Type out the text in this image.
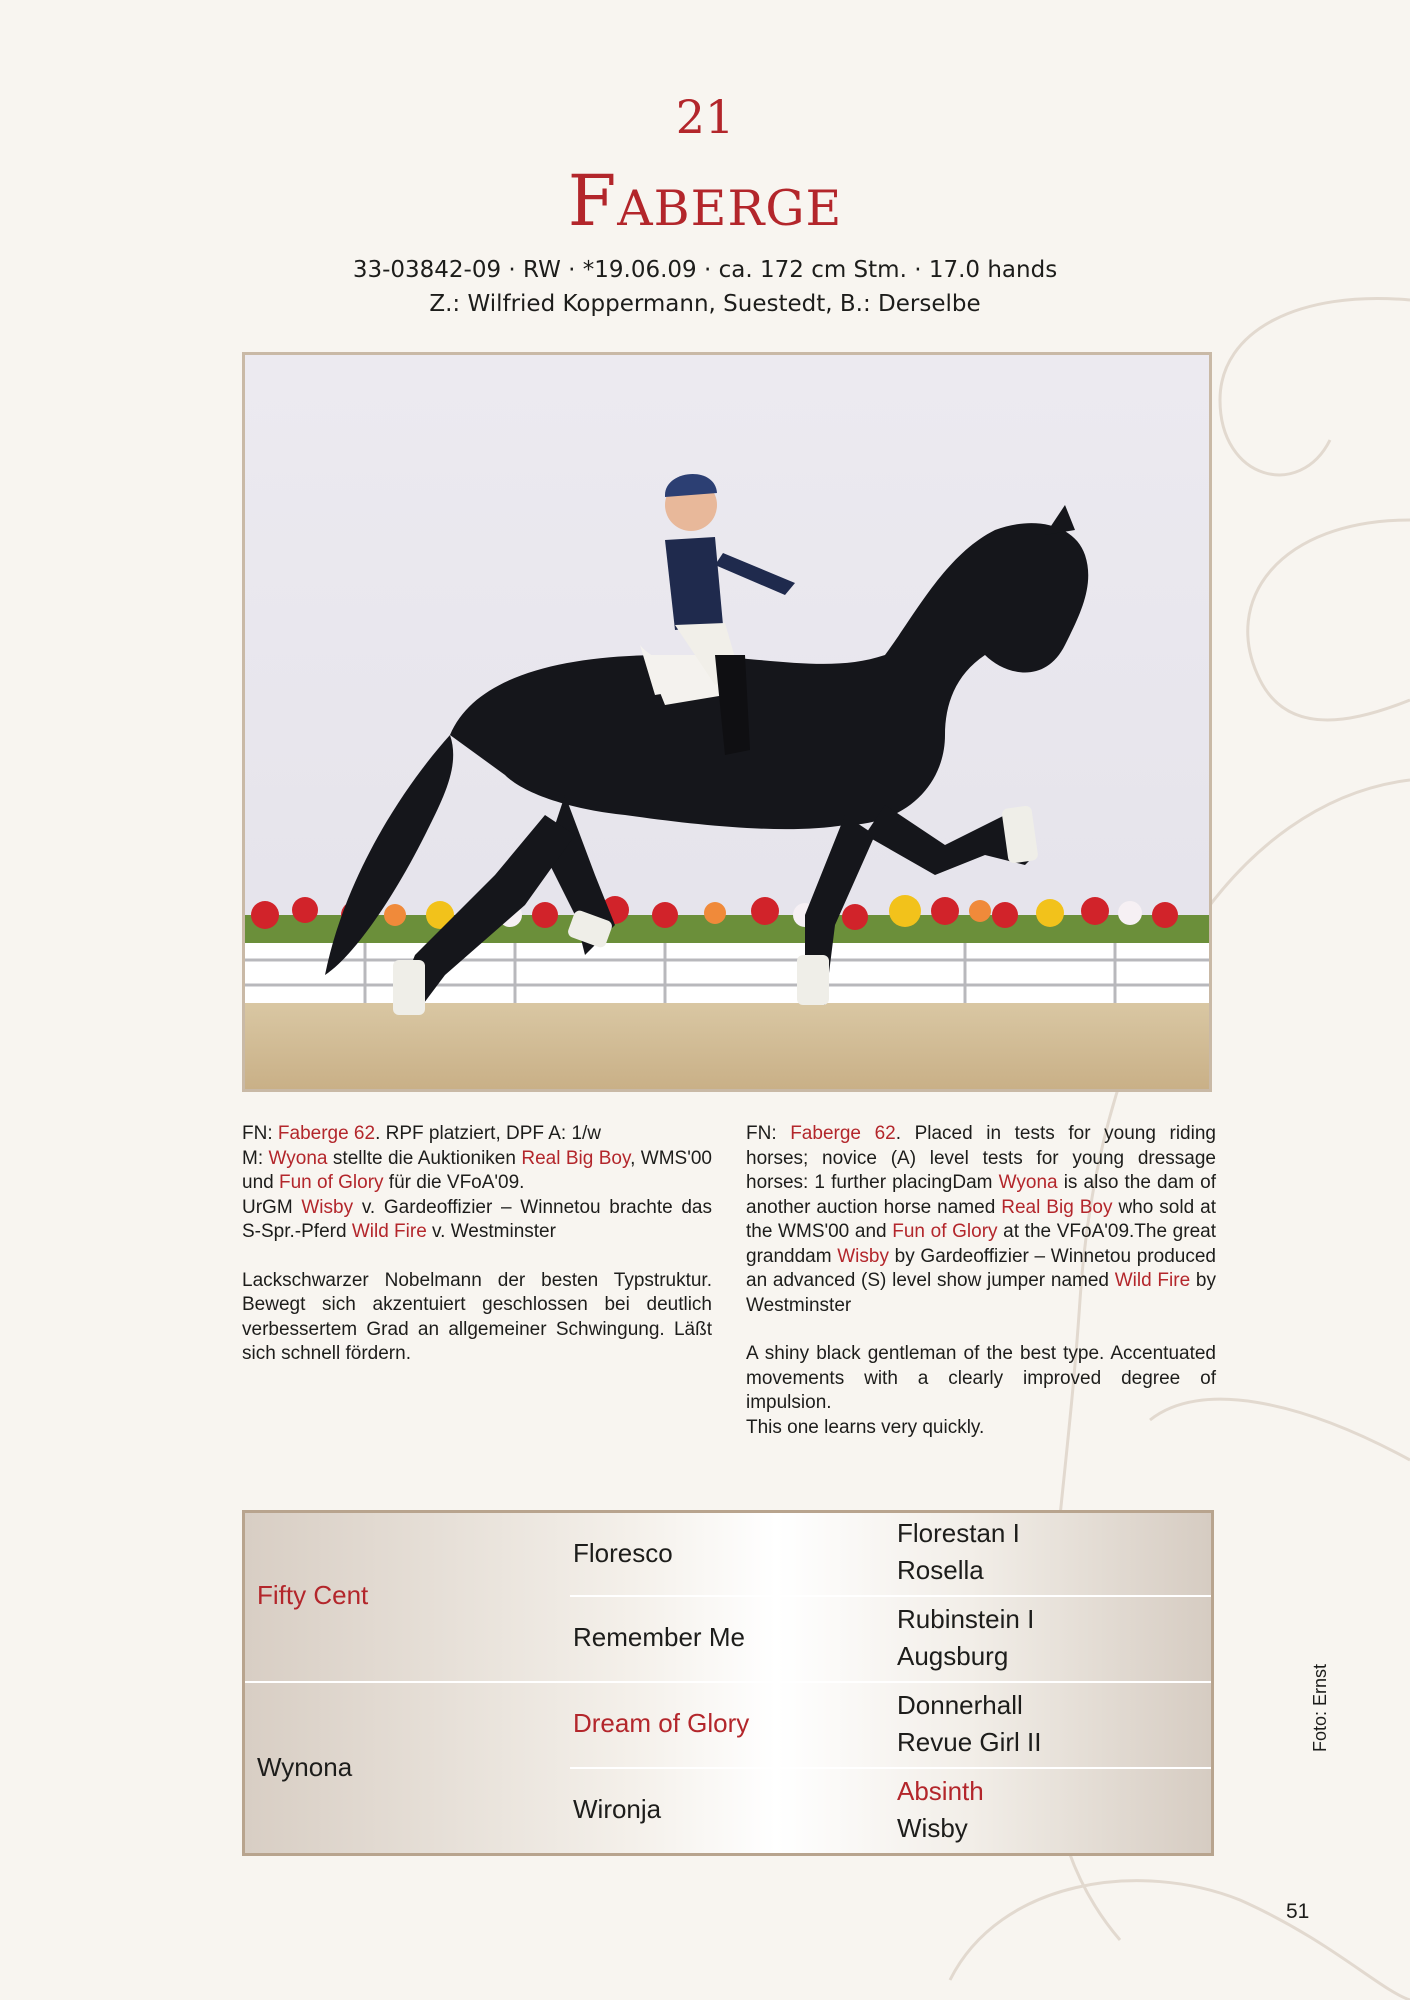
21
Faberge
33-03842-09 · RW · *19.06.09 · ca. 172 cm Stm. · 17.0 hands
Z.: Wilfried Koppermann, Suestedt, B.: Derselbe

FN: Faberge 62. RPF platziert, DPF A: 1/w
M: Wyona stellte die Auktioniken Real Big Boy, WMS'00 und Fun of Glory für die VFoA'09.
UrGM Wisby v. Gardeoffizier – Winnetou brachte das S-Spr.-Pferd Wild Fire v. Westminster

Lackschwarzer Nobelmann der besten Typstruktur. Bewegt sich akzentuiert geschlossen bei deutlich verbessertem Grad an allgemeiner Schwingung. Läßt sich schnell fördern.

FN: Faberge 62. Placed in tests for young riding horses; novice (A) level tests for young dressage horses: 1 further placingDam Wyona is also the dam of another auction horse named Real Big Boy who sold at the WMS'00 and Fun of Glory at the VFoA'09.The great granddam Wisby by Gardeoffizier – Winnetou produced an advanced (S) level show jumper named Wild Fire by Westminster

A shiny black gentleman of the best type. Accentuated movements with a clearly improved degree of impulsion.
This one learns very quickly.

Fifty Cent
Wynona
Floresco
Remember Me
Dream of Glory
Wironja
Florestan I
Rosella
Rubinstein I
Augsburg
Donnerhall
Revue Girl II
Absinth
Wisby
Foto: Ernst
51
